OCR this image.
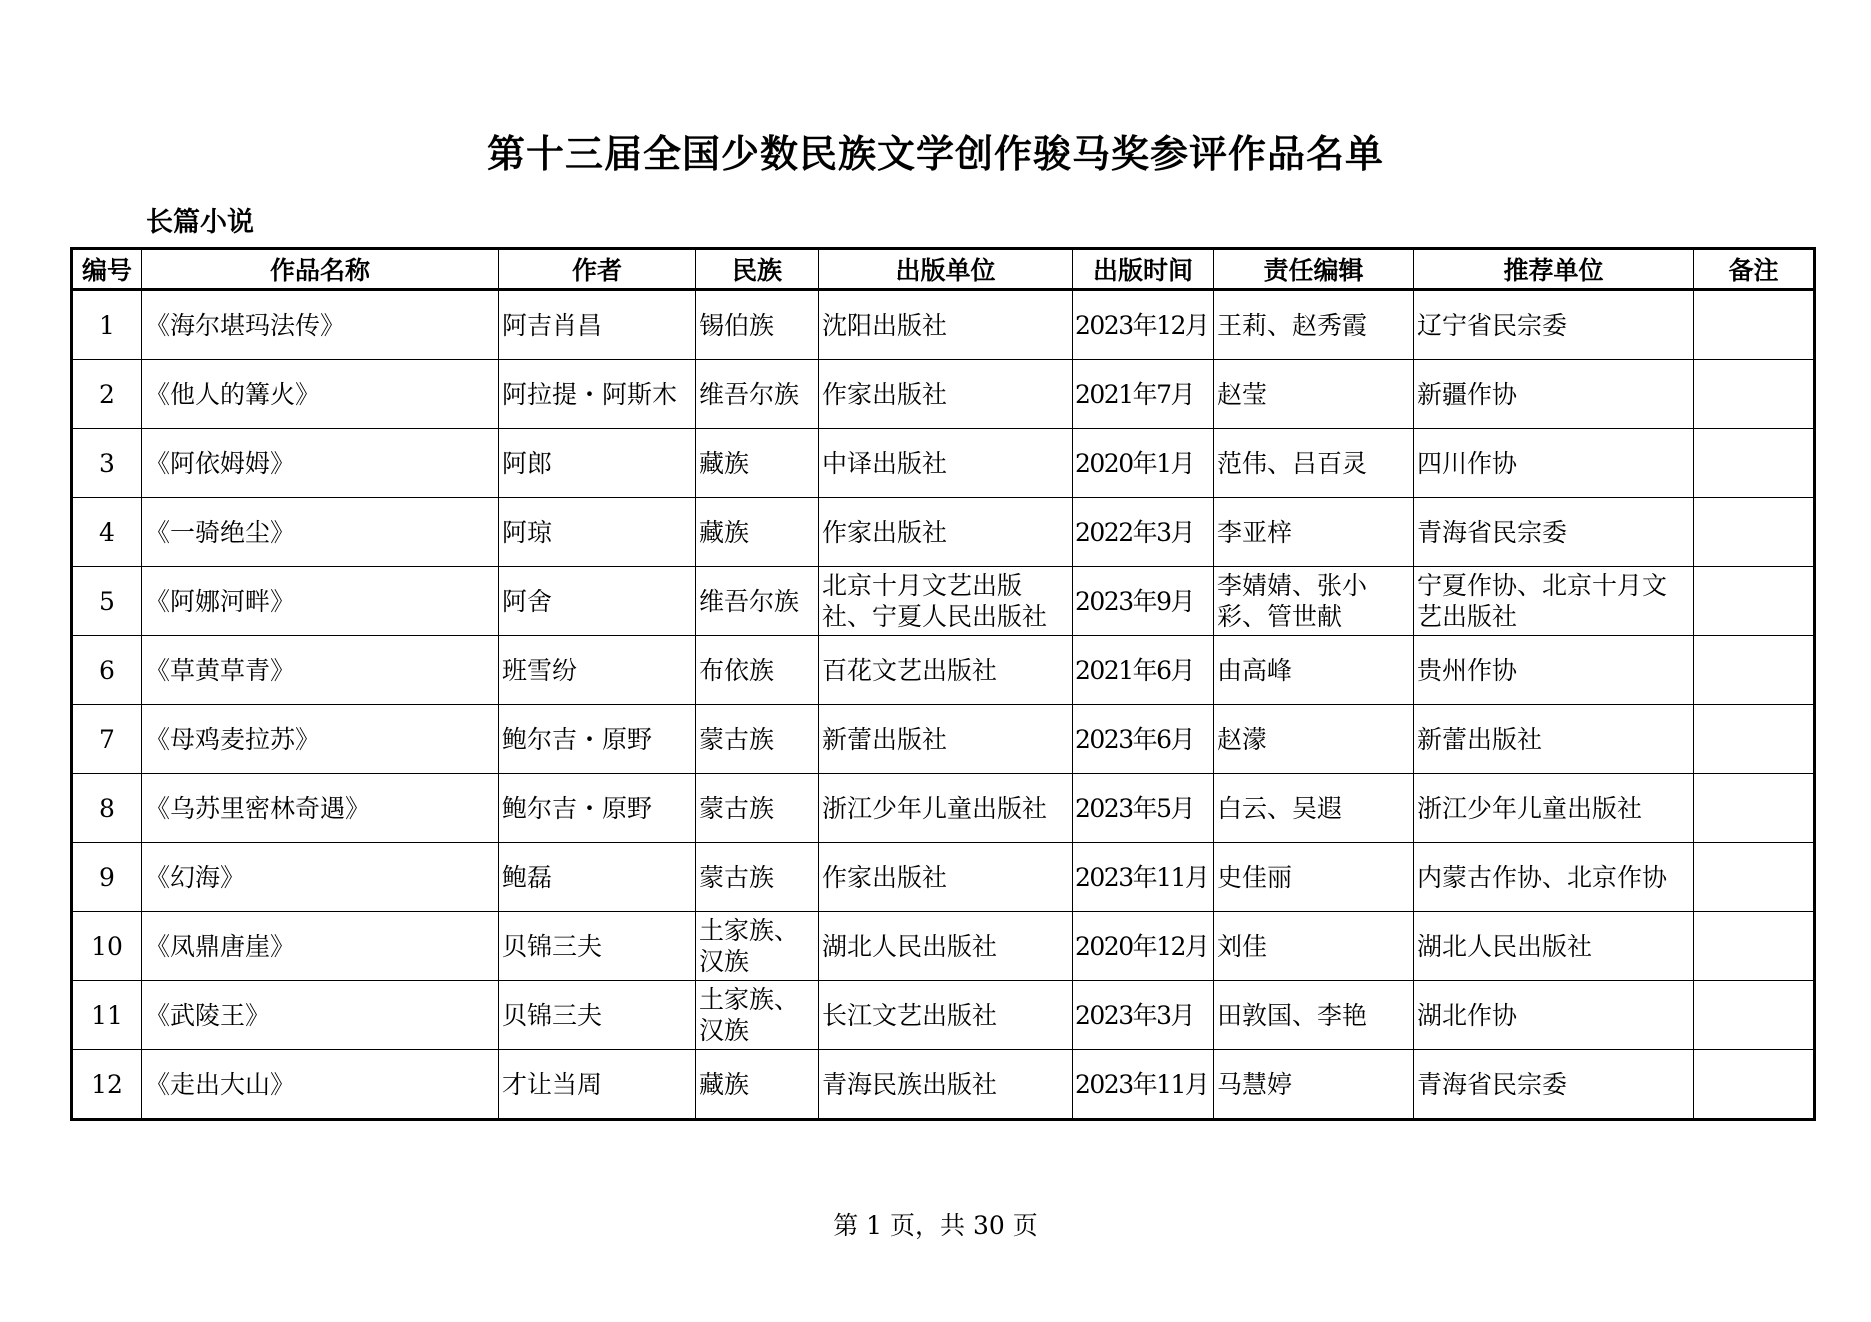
第十三届全国少数民族文学创作骏马奖参评作品名单
长篇小说
编号	作品名称	作者	民族	出版单位	出版时间	责任编辑	推荐单位	备注
1	《海尔堪玛法传》	阿吉肖昌	锡伯族	沈阳出版社	2023年12月	王莉、赵秀霞	辽宁省民宗委	
2	《他人的篝火》	阿拉提・阿斯木	维吾尔族	作家出版社	2021年7月	赵莹	新疆作协	
3	《阿依姆姆》	阿郎	藏族	中译出版社	2020年1月	范伟、吕百灵	四川作协	
4	《一骑绝尘》	阿琼	藏族	作家出版社	2022年3月	李亚梓	青海省民宗委	
5	《阿娜河畔》	阿舍	维吾尔族	北京十月文艺出版社、宁夏人民出版社	2023年9月	李婧婧、张小彩、管世献	宁夏作协、北京十月文艺出版社	
6	《草黄草青》	班雪纷	布依族	百花文艺出版社	2021年6月	由高峰	贵州作协	
7	《母鸡麦拉苏》	鲍尔吉・原野	蒙古族	新蕾出版社	2023年6月	赵濛	新蕾出版社	
8	《乌苏里密林奇遇》	鲍尔吉・原野	蒙古族	浙江少年儿童出版社	2023年5月	白云、吴遐	浙江少年儿童出版社	
9	《幻海》	鲍磊	蒙古族	作家出版社	2023年11月	史佳丽	内蒙古作协、北京作协	
10	《凤鼎唐崖》	贝锦三夫	土家族、汉族	湖北人民出版社	2020年12月	刘佳	湖北人民出版社	
11	《武陵王》	贝锦三夫	土家族、汉族	长江文艺出版社	2023年3月	田敦国、李艳	湖北作协	
12	《走出大山》	才让当周	藏族	青海民族出版社	2023年11月	马慧婷	青海省民宗委	
第 1 页，共 30 页
